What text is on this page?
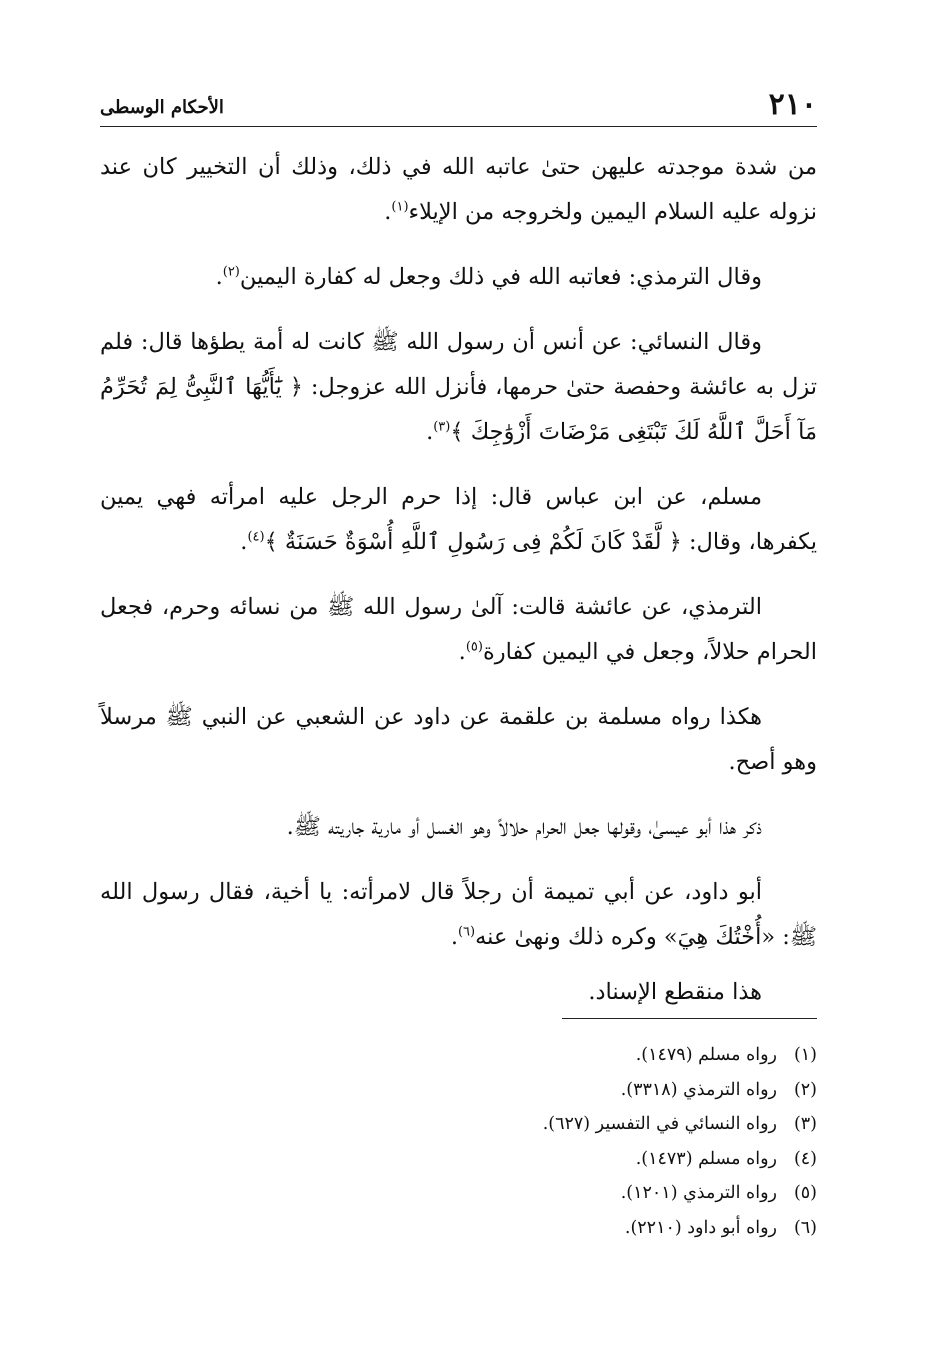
٢١٠
الأحكام الوسطى

من شدة موجدته عليهن حتىٰ عاتبه الله في ذلك، وذلك أن التخيير كان عند نزوله عليه السلام اليمين ولخروجه من الإيلاء$^{(١)}$.

وقال الترمذي: فعاتبه الله في ذلك وجعل له كفارة اليمين$^{(٢)}$.

وقال النسائي: عن أنس أن رسول الله ﷺ كانت له أمة يطؤها قال: فلم تزل به عائشة وحفصة حتىٰ حرمها، فأنزل الله عزوجل: ﴿ يَٰٓأَيُّهَا ٱلنَّبِىُّ لِمَ تُحَرِّمُ مَآ أَحَلَّ ٱللَّهُ لَكَ تَبْتَغِى مَرْضَاتَ أَزْوَٰجِكَ ﴾$^{(٣)}$.

مسلم، عن ابن عباس قال: إذا حرم الرجل عليه امرأته فهي يمين يكفرها، وقال: ﴿ لَّقَدْ كَانَ لَكُمْ فِى رَسُولِ ٱللَّهِ أُسْوَةٌ حَسَنَةٌ ﴾$^{(٤)}$.

الترمذي، عن عائشة قالت: آلىٰ رسول الله ﷺ من نسائه وحرم، فجعل الحرام حلالاً، وجعل في اليمين كفارة$^{(٥)}$.

هكذا رواه مسلمة بن علقمة عن داود عن الشعبي عن النبي ﷺ مرسلاً وهو أصح.

ذكر هذا أبو عيسىٰ، وقولها جعل الحرام حلالاً وهو الغسل أو مارية جاريته ﷺ.

أبو داود، عن أبي تميمة أن رجلاً قال لامرأته: يا أخية، فقال رسول الله ﷺ: «أُخْتُكَ هِيَ» وكره ذلك ونهىٰ عنه$^{(٦)}$.

هذا منقطع الإسناد.

(١)رواه مسلم (١٤٧٩).
(٢)رواه الترمذي (٣٣١٨).
(٣)رواه النسائي في التفسير (٦٢٧).
(٤)رواه مسلم (١٤٧٣).
(٥)رواه الترمذي (١٢٠١).
(٦)رواه أبو داود (٢٢١٠).
